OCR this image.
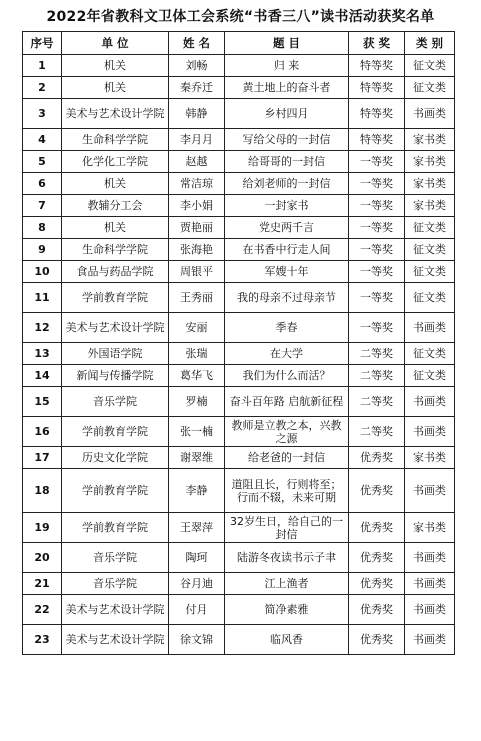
2022年省教科文卫体工会系统“书香三八”读书活动获奖名单
序号	单 位	姓 名	题 目	获 奖	类 别
1	机关	刘畅	归 来	特等奖	征文类
2	机关	秦乔迁	黄土地上的奋斗者	特等奖	征文类
3	美术与艺术设计学院	韩静	乡村四月	特等奖	书画类
4	生命科学学院	李月月	写给父母的一封信	特等奖	家书类
5	化学化工学院	赵越	给哥哥的一封信	一等奖	家书类
6	机关	常洁琼	给刘老师的一封信	一等奖	家书类
7	教辅分工会	李小娟	一封家书	一等奖	家书类
8	机关	贾艳丽	党史两千言	一等奖	征文类
9	生命科学学院	张海艳	在书香中行走人间	一等奖	征文类
10	食品与药品学院	周银平	军嫂十年	一等奖	征文类
11	学前教育学院	王秀丽	我的母亲不过母亲节	一等奖	征文类
12	美术与艺术设计学院	安丽	季春	一等奖	书画类
13	外国语学院	张瑞	在大学	二等奖	征文类
14	新闻与传播学院	葛华飞	我们为什么而活？	二等奖	征文类
15	音乐学院	罗楠	奋斗百年路 启航新征程	二等奖	书画类
16	学前教育学院	张一楠	教师是立教之本，兴教之源	二等奖	书画类
17	历史文化学院	谢翠维	给老爸的一封信	优秀奖	家书类
18	学前教育学院	李静	道阻且长，行则将至；行而不辍，未来可期	优秀奖	书画类
19	学前教育学院	王翠萍	32岁生日，给自己的一封信	优秀奖	家书类
20	音乐学院	陶珂	陆游冬夜读书示子聿	优秀奖	书画类
21	音乐学院	谷月迪	江上渔者	优秀奖	书画类
22	美术与艺术设计学院	付月	简净素雅	优秀奖	书画类
23	美术与艺术设计学院	徐文锦	临风香	优秀奖	书画类
